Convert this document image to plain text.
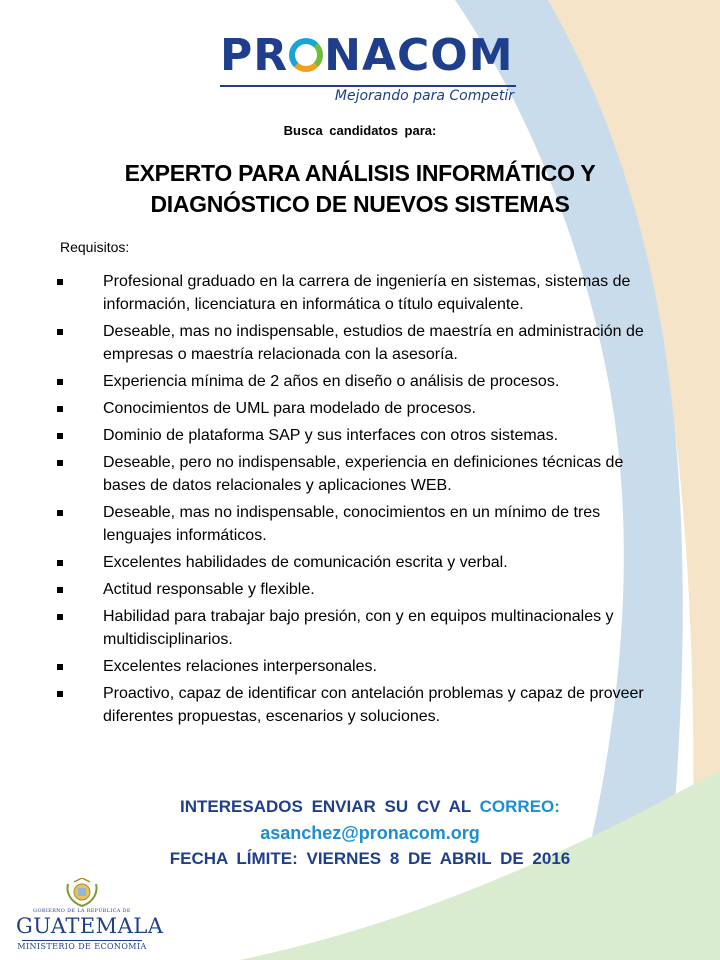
PR NACOM
Mejorando para Competir
Busca candidatos para:
EXPERTO PARA ANÁLISIS INFORMÁTICO Y
DIAGNÓSTICO DE NUEVOS SISTEMAS
Requisitos:
Profesional graduado en la carrera de ingeniería en sistemas, sistemas de información, licenciatura en informática o título equivalente.
Deseable, mas no indispensable, estudios de maestría en administración de empresas o maestría relacionada con la asesoría.
Experiencia mínima de 2 años en diseño o análisis de procesos.
Conocimientos de UML para modelado de procesos.
Dominio de plataforma SAP y sus interfaces con otros sistemas.
Deseable, pero no indispensable, experiencia en definiciones técnicas de bases de datos relacionales y aplicaciones WEB.
Deseable, mas no indispensable, conocimientos en un mínimo de tres lenguajes informáticos.
Excelentes habilidades de comunicación escrita y verbal.
Actitud responsable y flexible.
Habilidad para trabajar bajo presión, con y en equipos multinacionales y multidisciplinarios.
Excelentes relaciones interpersonales.
Proactivo, capaz de identificar con antelación problemas y capaz de proveer diferentes propuestas, escenarios y soluciones.
INTERESADOS ENVIAR SU CV AL CORREO:
asanchez@pronacom.org
FECHA LÍMITE: VIERNES 8 DE ABRIL DE 2016
GOBIERNO DE LA REPÚBLICA DE
GUATEMALA
MINISTERIO DE ECONOMÍA
